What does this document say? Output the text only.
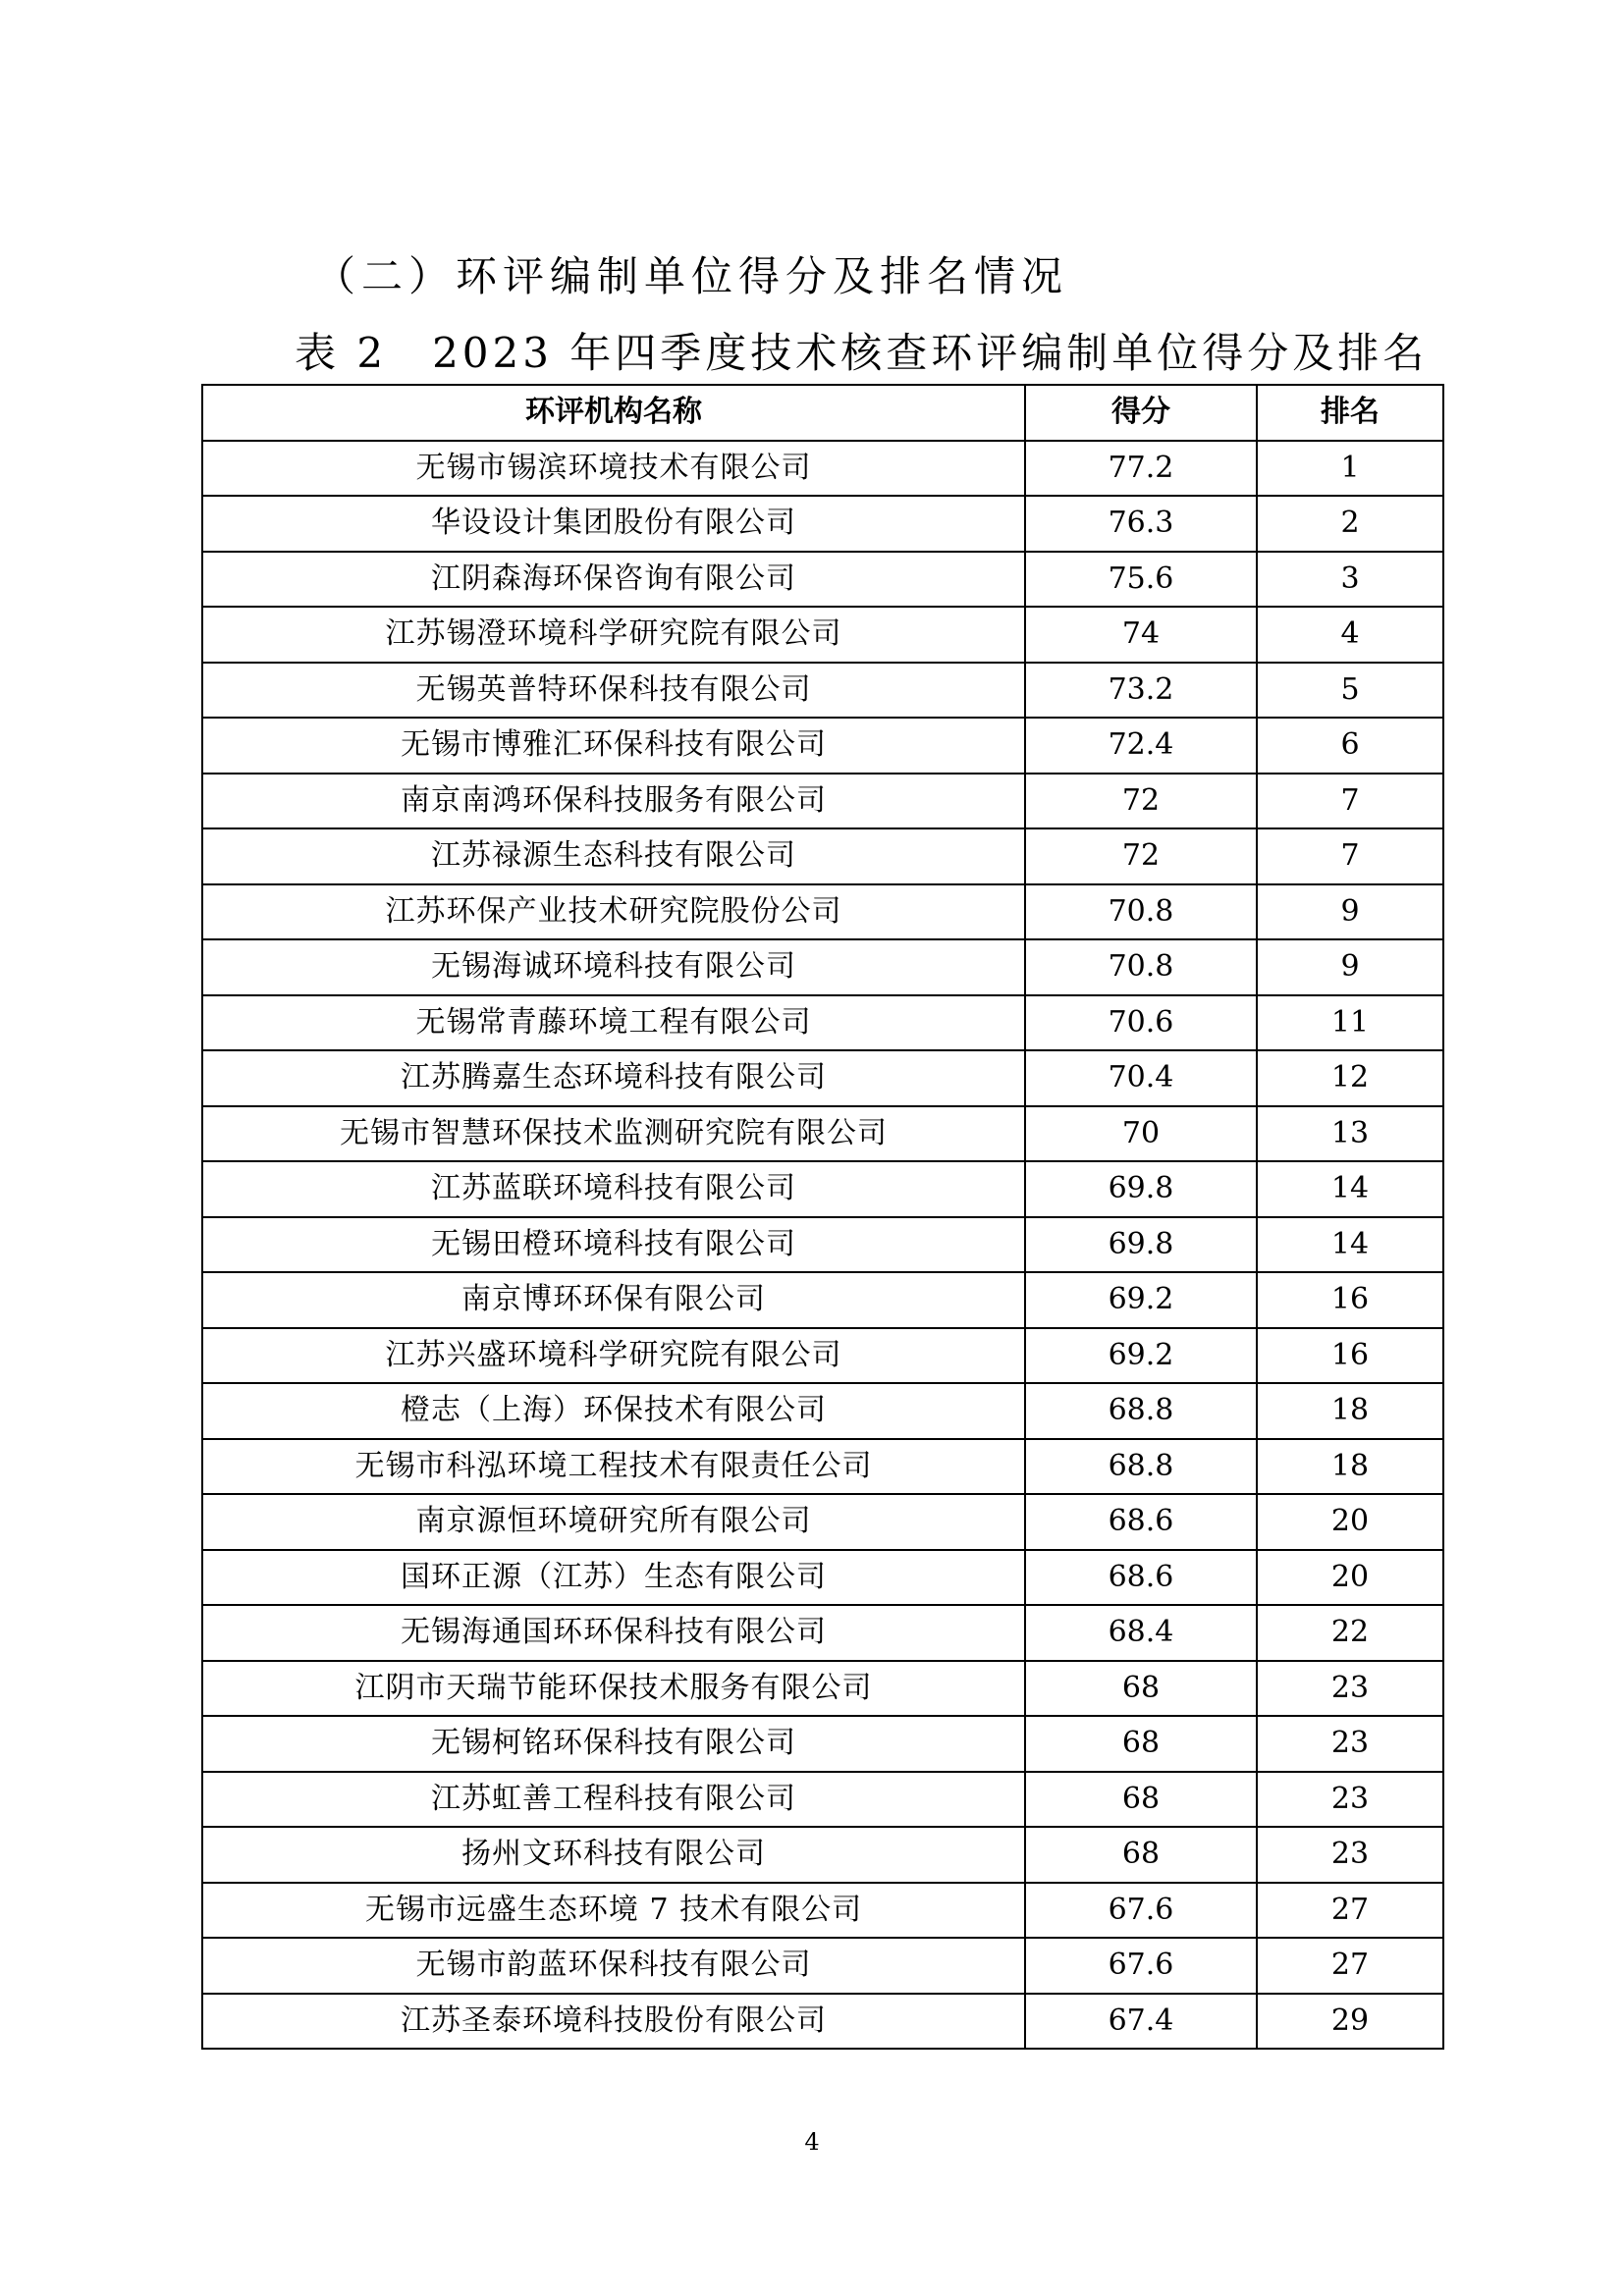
（二）环评编制单位得分及排名情况
表 2　2023 年四季度技术核查环评编制单位得分及排名
环评机构名称	得分	排名
无锡市锡滨环境技术有限公司	77.2	1
华设设计集团股份有限公司	76.3	2
江阴森海环保咨询有限公司	75.6	3
江苏锡澄环境科学研究院有限公司	74	4
无锡英普特环保科技有限公司	73.2	5
无锡市博雅汇环保科技有限公司	72.4	6
南京南鸿环保科技服务有限公司	72	7
江苏禄源生态科技有限公司	72	7
江苏环保产业技术研究院股份公司	70.8	9
无锡海诚环境科技有限公司	70.8	9
无锡常青藤环境工程有限公司	70.6	11
江苏腾嘉生态环境科技有限公司	70.4	12
无锡市智慧环保技术监测研究院有限公司	70	13
江苏蓝联环境科技有限公司	69.8	14
无锡田橙环境科技有限公司	69.8	14
南京博环环保有限公司	69.2	16
江苏兴盛环境科学研究院有限公司	69.2	16
橙志（上海）环保技术有限公司	68.8	18
无锡市科泓环境工程技术有限责任公司	68.8	18
南京源恒环境研究所有限公司	68.6	20
国环正源（江苏）生态有限公司	68.6	20
无锡海通国环环保科技有限公司	68.4	22
江阴市天瑞节能环保技术服务有限公司	68	23
无锡柯铭环保科技有限公司	68	23
江苏虹善工程科技有限公司	68	23
扬州文环科技有限公司	68	23
无锡市远盛生态环境 7 技术有限公司	67.6	27
无锡市韵蓝环保科技有限公司	67.6	27
江苏圣泰环境科技股份有限公司	67.4	29
4
